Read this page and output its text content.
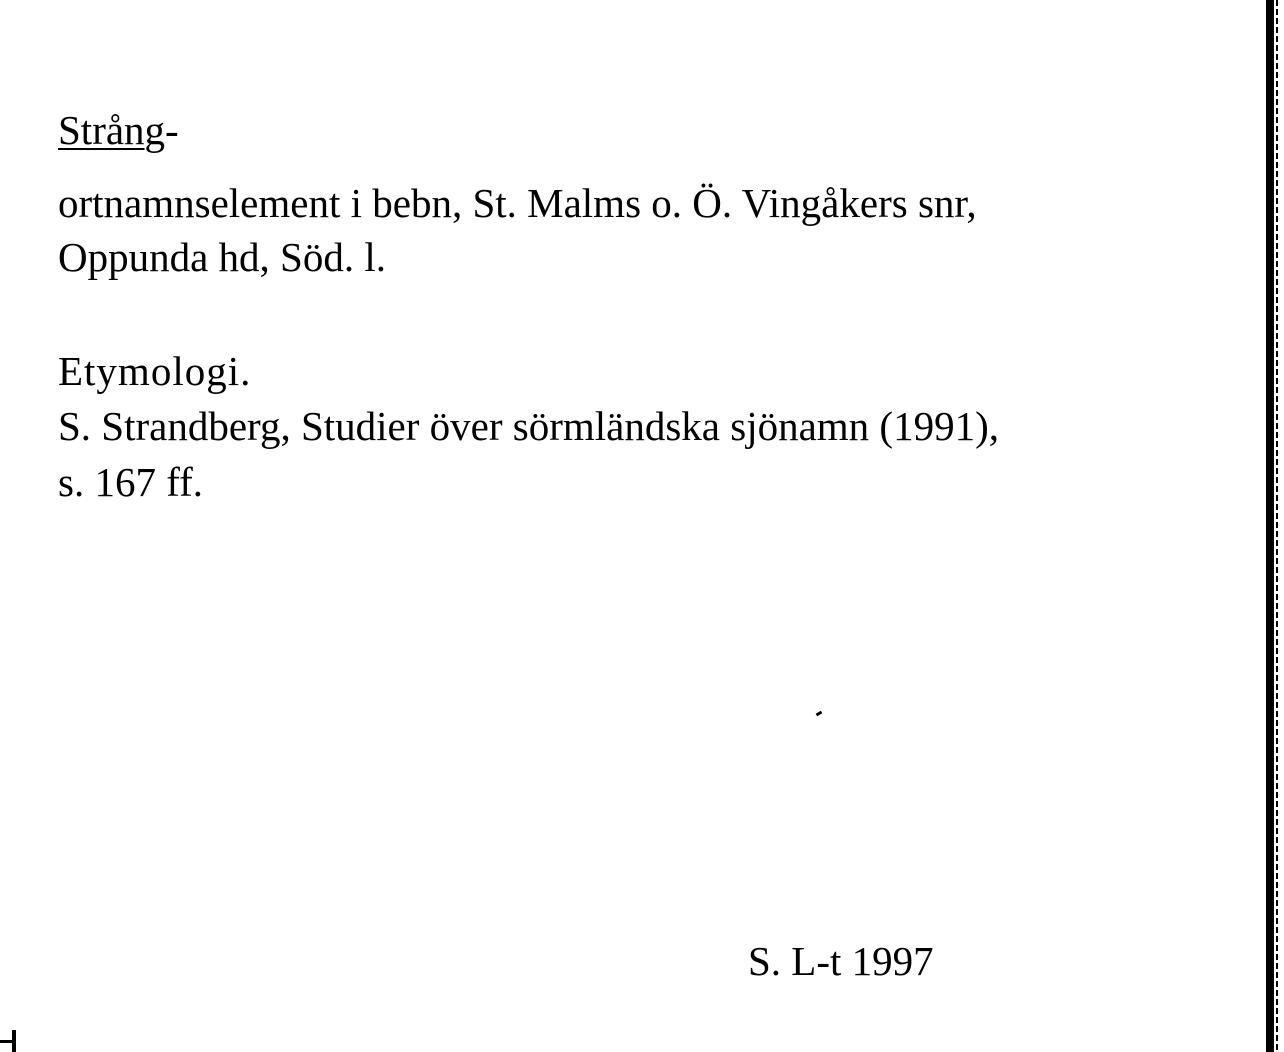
Strång-
ortnamnselement i bebn, St. Malms o. Ö. Vingåkers snr,
Oppunda hd, Söd. l.
Etymologi.
S. Strandberg, Studier över sörmländska sjönamn (1991),
s. 167 ff.
S. L-t 1997
